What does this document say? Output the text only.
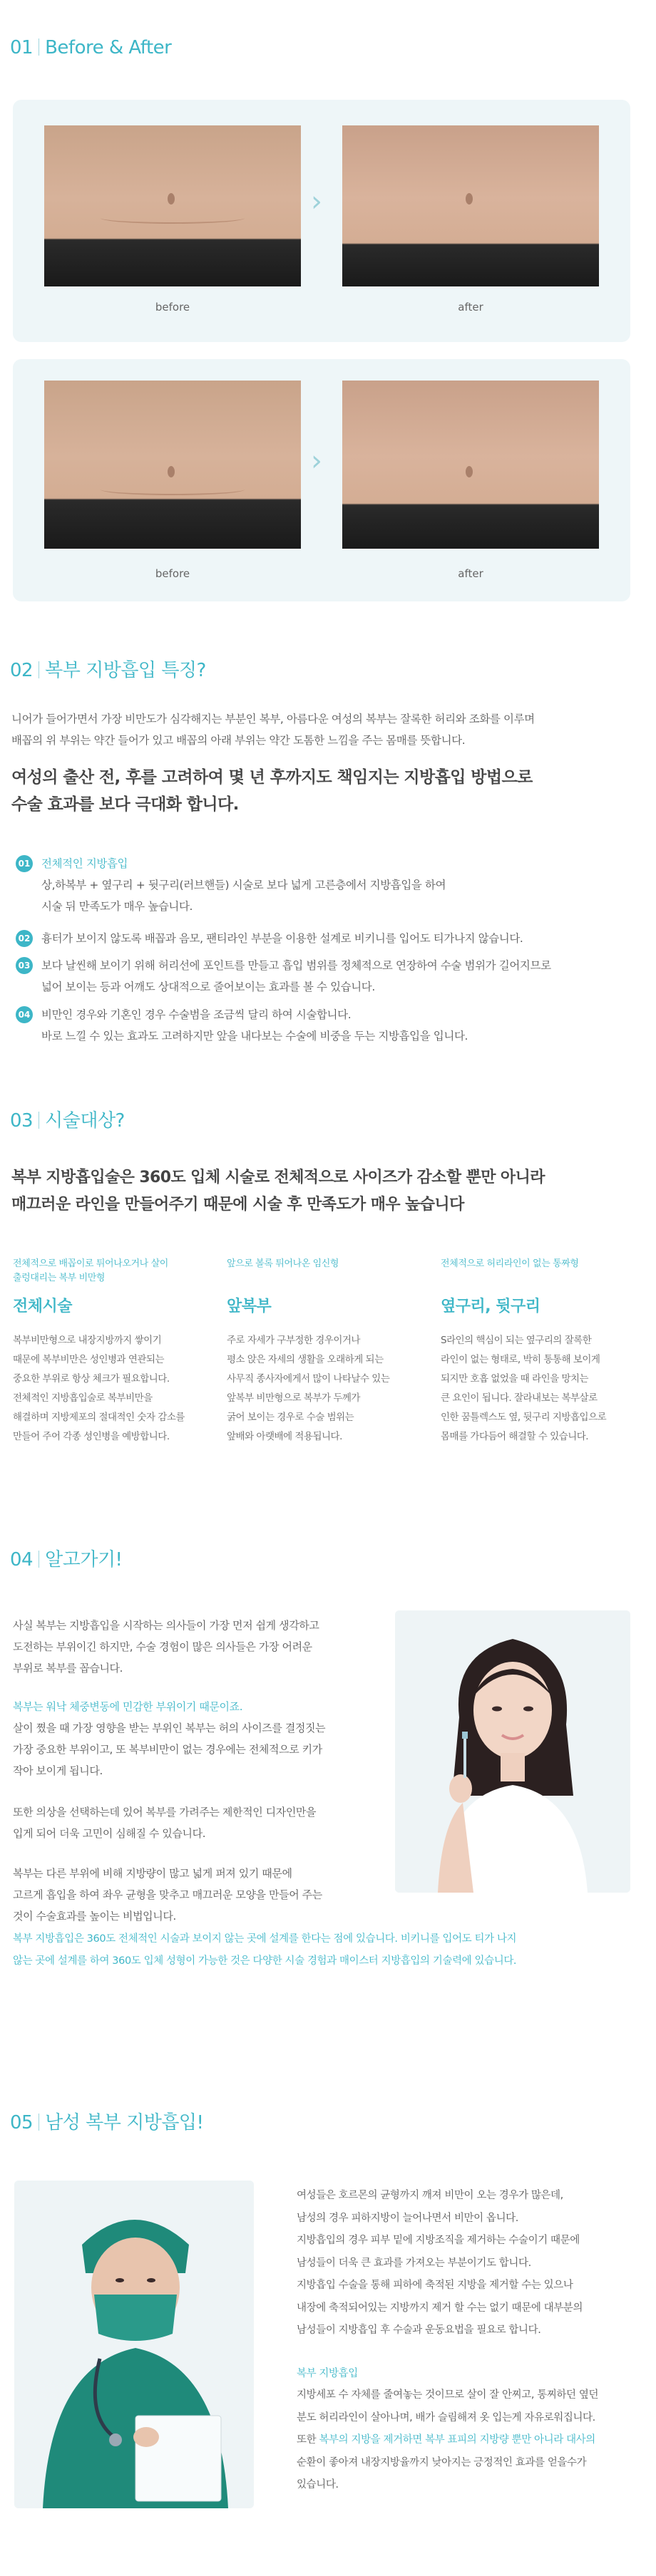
01 Before & After
›
before	after
›
before	after
02 복부 지방흡입 특징?
니어가 들어가면서 가장 비만도가 심각해지는 부분인 복부, 아름다운 여성의 복부는 잘록한 허리와 조화를 이루며
배꼽의 위 부위는 약간 들어가 있고 배꼽의 아래 부위는 약간 도톰한 느낌을 주는 몸매를 뜻합니다.
여성의 출산 전, 후를 고려하여 몇 년 후까지도 책임지는 지방흡입 방법으로
수술 효과를 보다 극대화 합니다.
01 전체적인 지방흡입
상,하복부 + 옆구리 + 뒷구리(러브핸들) 시술로 보다 넓게 고른층에서 지방흡입을 하여
시술 뒤 만족도가 매우 높습니다.
02 흉터가 보이지 않도록 배꼽과 음모, 팬티라인 부분을 이용한 설계로 비키니를 입어도 티가나지 않습니다.
03 보다 날씬해 보이기 위해 허리선에 포인트를 만들고 흡입 범위를 정체적으로 연장하여 수술 범위가 길어지므로
넓어 보이는 등과 어깨도 상대적으로 줄어보이는 효과를 볼 수 있습니다.
04 비만인 경우와 기혼인 경우 수술범을 조금씩 달리 하여 시술합니다.
바로 느낄 수 있는 효과도 고려하지만 앞을 내다보는 수술에 비중을 두는 지방흡입을 입니다.
03 시술대상?
복부 지방흡입술은 360도 입체 시술로 전체적으로 사이즈가 감소할 뿐만 아니라
매끄러운 라인을 만들어주기 때문에 시술 후 만족도가 매우 높습니다
전체적으로 배꼽이로 튀어나오거나 살이
출렁대리는 복부 비만형
전체시술
복부비만형으로 내장지방까지 쌓이기
때문에 복부비만은 성인병과 연관되는
중요한 부위로 항상 체크가 필요합니다.
전체적인 지방흡입술로 복부비만을
해결하며 지방제포의 절대적인 숫자 감소를
만들어 주어 각종 성인병을 예방합니다.
앞으로 볼록 튀어나온 임신형
앞복부
주로 자세가 구부정한 경우이거나
평소 앉은 자세의 생활을 오래하게 되는
사무직 종사자에게서 많이 나타날수 있는
앞복부 비만형으로 복부가 두께가
굵어 보이는 경우로 수술 범위는
앞배와 아랫배에 적용됩니다.
전체적으로 허리라인이 없는 통짜형
옆구리, 뒷구리
S라인의 핵심이 되는 옆구리의 잘록한
라인이 없는 형태로, 박히 통통해 보이게
되지만 호흡 없었을 때 라인을 망치는
큰 요인이 됩니다. 잘라내보는 복부살로
인한 꿈틀렉스도 옆, 뒷구리 지방흡입으로
몸매를 가다듬어 해결할 수 있습니다.
04 알고가기!
사실 복부는 지방흡입을 시작하는 의사들이 가장 먼저 쉽게 생각하고
도전하는 부위이긴 하지만, 수술 경험이 많은 의사들은 가장 어려운
부위로 복부를 꼽습니다.
복부는 워낙 체중변동에 민감한 부위이기 때문이죠.
살이 쪘을 때 가장 영향을 받는 부위인 복부는 허의 사이즈를 결정짓는
가장 중요한 부위이고, 또 복부비만이 없는 경우에는 전체적으로 키가
작아 보이게 됩니다.
또한 의상을 선택하는데 있어 복부를 가려주는 제한적인 디자인만을
입게 되어 더욱 고민이 심해질 수 있습니다.
복부는 다른 부위에 비해 지방량이 많고 넓게 퍼져 있기 때문에
고르게 흡입을 하여 좌우 균형을 맞추고 매끄러운 모양을 만들어 주는
것이 수술효과를 높이는 비법입니다.
복부 지방흡입은 360도 전체적인 시술과 보이지 않는 곳에 설계를 한다는 점에 있습니다. 비키니를 입어도 티가 나지
않는 곳에 설계를 하여 360도 입체 성형이 가능한 것은 다양한 시술 경험과 매이스터 지방흡입의 기술력에 있습니다.
05 남성 복부 지방흡입!
여성들은 호르몬의 균형까지 깨져 비만이 오는 경우가 많은데,
남성의 경우 피하지방이 늘어나면서 비만이 옵니다.
지방흡입의 경우 피부 밑에 지방조직을 제거하는 수술이기 때문에
남성들이 더욱 큰 효과를 가져오는 부분이기도 합니다.
지방흡입 수술을 통해 피하에 축적된 지방을 제거할 수는 있으나
내장에 축적되어있는 지방까지 제거 할 수는 없기 때문에 대부분의
남성들이 지방흡입 후 수술과 운동요법을 필요로 합니다.
복부 지방흡입
지방세포 수 자체를 줄여놓는 것이므로 살이 잘 안찌고, 통찌하던 옆던
분도 허리라인이 살아나며, 배가 슬림해져 옷 입는게 자유로워집니다.
또한 복부의 지방을 제거하면 복부 표피의 지방량 뿐만 아니라 대사의
순환이 좋아져 내장지방율까지 낮아지는 긍정적인 효과를 얻을수가
있습니다.
